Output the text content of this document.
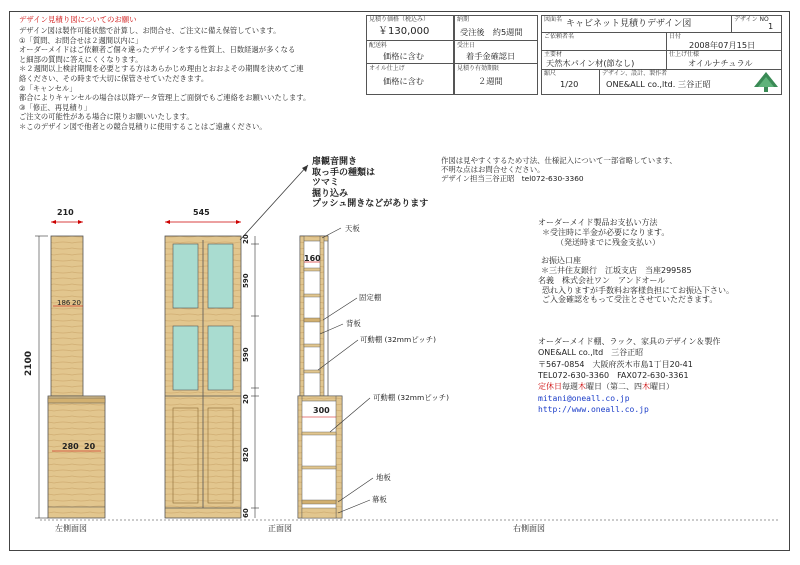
デザイン見積り図についてのお願い
デザイン図は製作可能状態で計算し、お問合せ、ご注文に備え保管しています。
①「質問、お問合せは２週間以内に」
オーダーメイドはご依頼者ご個々違ったデザインをする性質上、日数経過が多くなる
と細部の質問に答えにくくなります。
＊２週間以上検討期間を必要とする方はあらかじめ理由とおおよその期間を決めてご連
絡ください、その時まで大切に保管させていただきます。
②「キャンセル」
都合によりキャンセルの場合は以降データ管理上ご面倒でもご連絡をお願いいたします。
③「修正、再見積り」
ご注文の可能性がある場合に限りお願いいたします。
＊このデザイン図で他者との競合見積りに使用することはご遠慮ください。
見積り価格（税込み）
￥130,000
配送料
価格に含む
オイル仕上げ
価格に含む
納期
受注後　約5週間
受注日
着手金確認日
見積り有効期限
２週間
図面名 キャビネット見積りデザイン図	デザイン NO
1
ご依頼者名	日付
2008年07月15日
主要材
天然木パイン材(節なし)
仕上げ仕様
オイルナチュラル
縮尺
1/20
デザイン、設計、製作者
ONE&ALL co.,ltd. 三谷正昭
扉観音開き
取っ手の種類は
ツマミ
掘り込み
プッシュ開きなどがあります
作図は見やすくするため寸法、仕様記入について一部省略しています、
不明な点はお問合せください。
デザイン担当三谷正昭　tel072-630-3360
210
186 20
280 20
2100
545
20
590
590
20
820
60
160
300
天板
固定棚
背板
可動棚 (32mmピッチ)
可動棚 (32mmピッチ)
地板
幕板
左側面図	正面図	右側面図
オーダーメイド製品お支払い方法
＊受注時に半金が必要になります。
（発送時までに残金支払い）
お振込口座
＊三井住友銀行　江坂支店　当座299585
名義　株式会社ワン　アンドオール
恐れ入りますが手数料お客様負担にてお振込下さい。
ご入金確認をもって受注とさせていただきます。
オーダーメイド棚、ラック、家具のデザイン＆製作
ONE&ALL co.,ltd　三谷正昭
〒567-0854　大阪府茨木市島1丁目20-41
TEL072-630-3360　FAX072-630-3361
定休日毎週木曜日（第二、四木曜日）
mitani@oneall.co.jp
http://www.oneall.co.jp
